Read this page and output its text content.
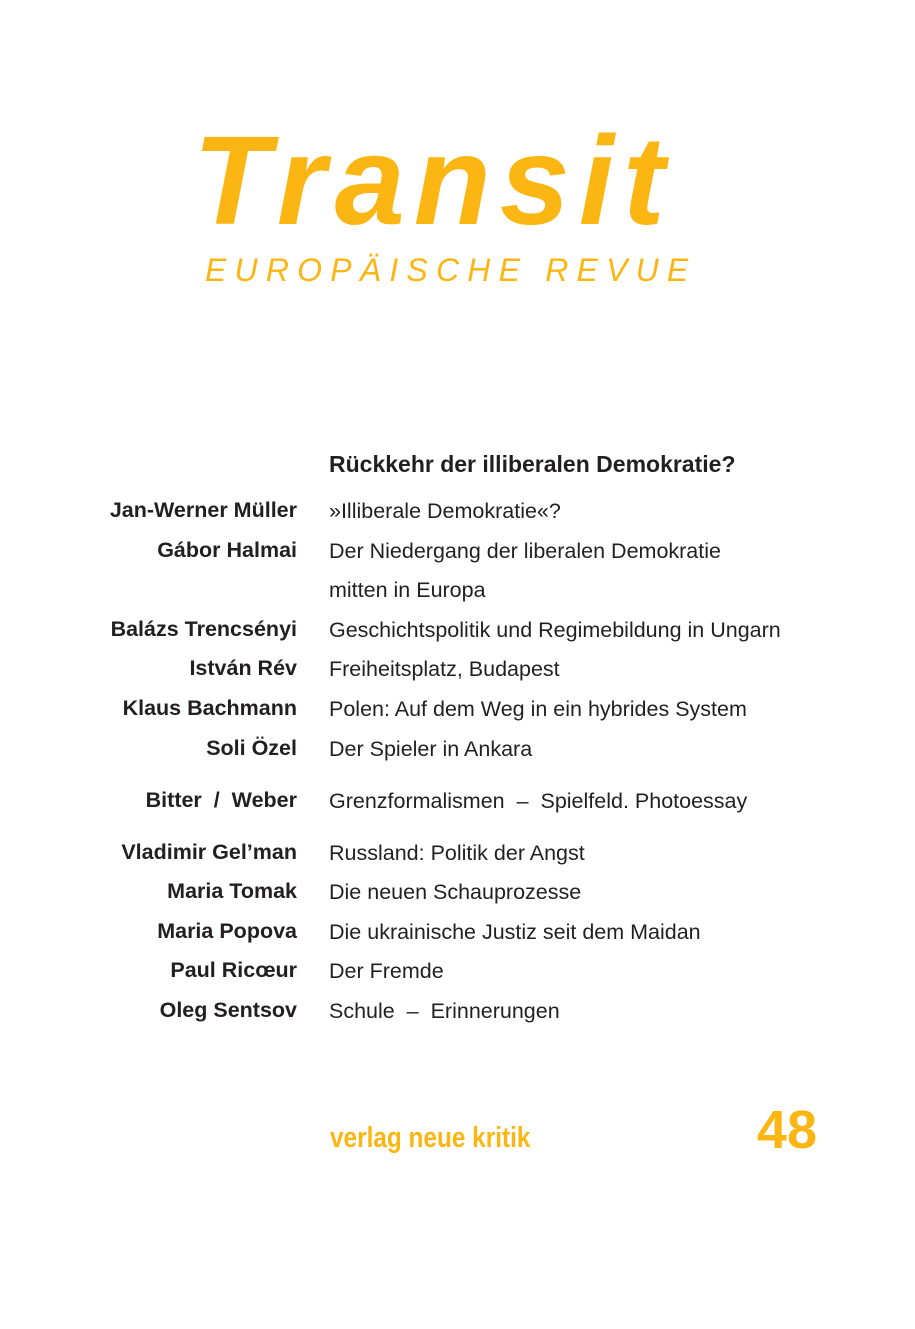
Transit
EUROPÄISCHE REVUE
Rückkehr der illiberalen Demokratie?
Jan-Werner Müller »Illiberale Demokratie«?
Gábor Halmai Der Niedergang der liberalen Demokratie
mitten in Europa
Balázs Trencsényi Geschichtspolitik und Regimebildung in Ungarn
István Rév Freiheitsplatz, Budapest
Klaus Bachmann Polen: Auf dem Weg in ein hybrides System
Soli Özel Der Spieler in Ankara
Bitter  /  Weber Grenzformalismen  –  Spielfeld. Photoessay
Vladimir Gel’man Russland: Politik der Angst
Maria Tomak Die neuen Schauprozesse
Maria Popova Die ukrainische Justiz seit dem Maidan
Paul Ricœur Der Fremde
Oleg Sentsov Schule  –  Erinnerungen
verlag neue kritik	48
